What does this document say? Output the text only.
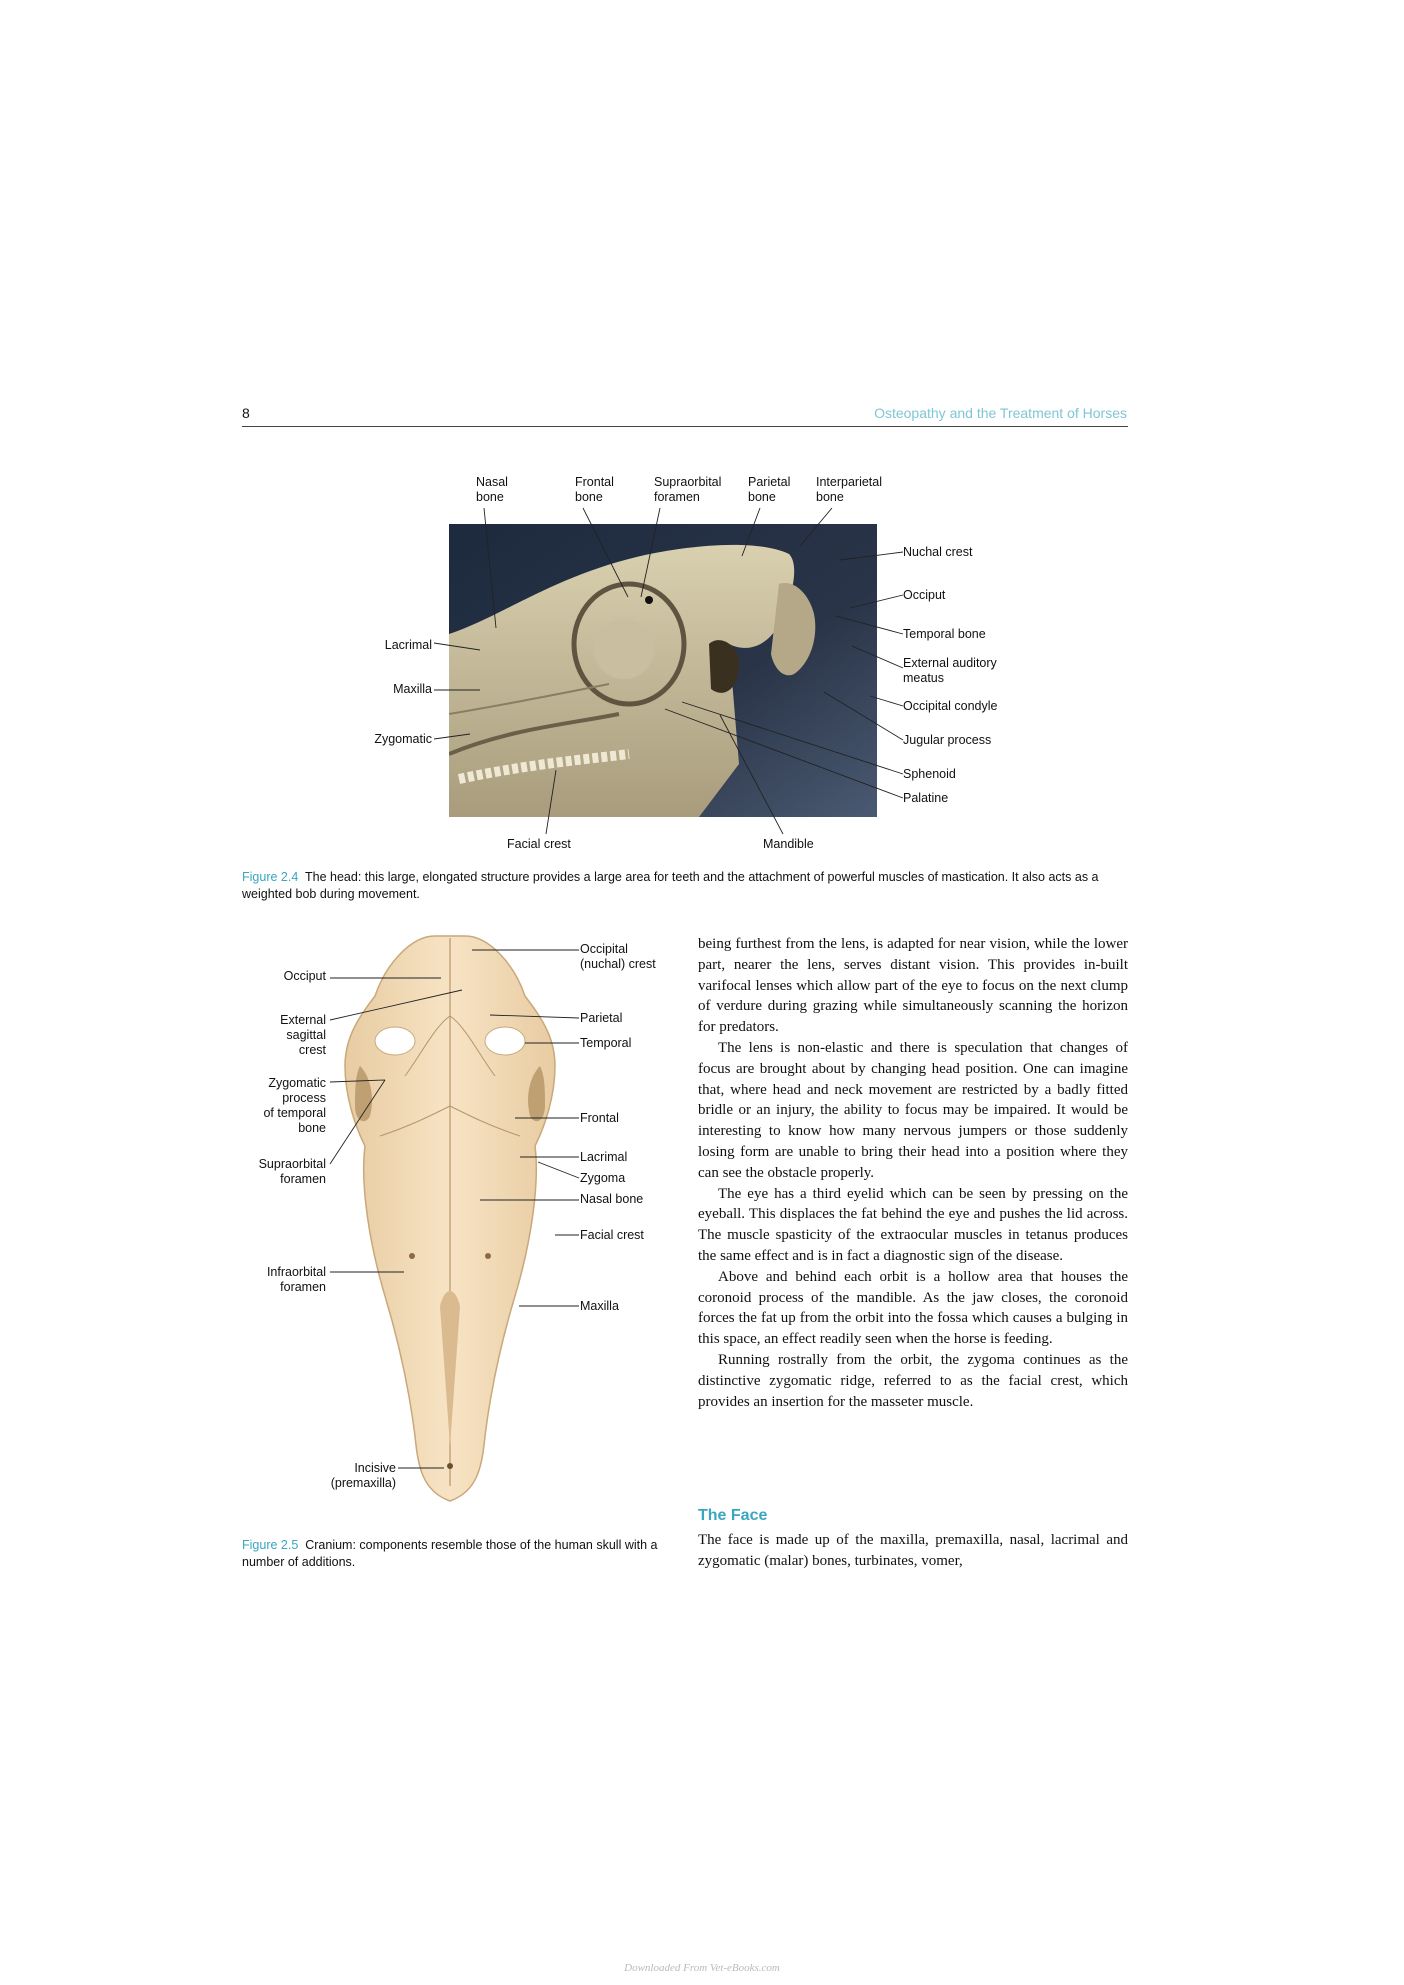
8	Osteopathy and the Treatment of Horses
Nasal
bone
Frontal
bone
Supraorbital
foramen
Parietal
bone
Interparietal
bone
Lacrimal
Maxilla
Zygomatic
Nuchal crest
Occiput
Temporal bone
External auditory
meatus
Occipital condyle
Jugular process
Sphenoid
Palatine
Facial crest	Mandible
Figure 2.4 The head: this large, elongated structure provides a large area for teeth and the attachment of powerful muscles of mastication. It also acts as a weighted bob during movement.
Occiput
External
sagittal
crest
Zygomatic
process
of temporal
bone
Supraorbital
foramen
Infraorbital
foramen
Incisive
(premaxilla)
Occipital
(nuchal) crest
Parietal
Temporal
Frontal
Lacrimal
Zygoma
Nasal bone
Facial crest
Maxilla
Figure 2.5 Cranium: components resemble those of the human skull with a number of additions.

being furthest from the lens, is adapted for near vision, while the lower part, nearer the lens, serves distant vision. This provides in-built varifocal lenses which allow part of the eye to focus on the next clump of verdure during grazing while simultaneously scanning the horizon for predators.

The lens is non-elastic and there is speculation that changes of focus are brought about by changing head position. One can imagine that, where head and neck movement are restricted by a badly fitted bridle or an injury, the ability to focus may be impaired. It would be interesting to know how many nervous jumpers or those suddenly losing form are unable to bring their head into a position where they can see the obstacle properly.

The eye has a third eyelid which can be seen by pressing on the eyeball. This displaces the fat behind the eye and pushes the lid across. The muscle spasticity of the extraocular muscles in tetanus produces the same effect and is in fact a diagnostic sign of the disease.

Above and behind each orbit is a hollow area that houses the coronoid process of the mandible. As the jaw closes, the coronoid forces the fat up from the orbit into the fossa which causes a bulging in this space, an effect readily seen when the horse is feeding.

Running rostrally from the orbit, the zygoma continues as the distinctive zygomatic ridge, referred to as the facial crest, which provides an insertion for the masseter muscle.

The Face
The face is made up of the maxilla, premaxilla, nasal, lacrimal and zygomatic (malar) bones, turbinates, vomer,
Downloaded From Vet-eBooks.com
